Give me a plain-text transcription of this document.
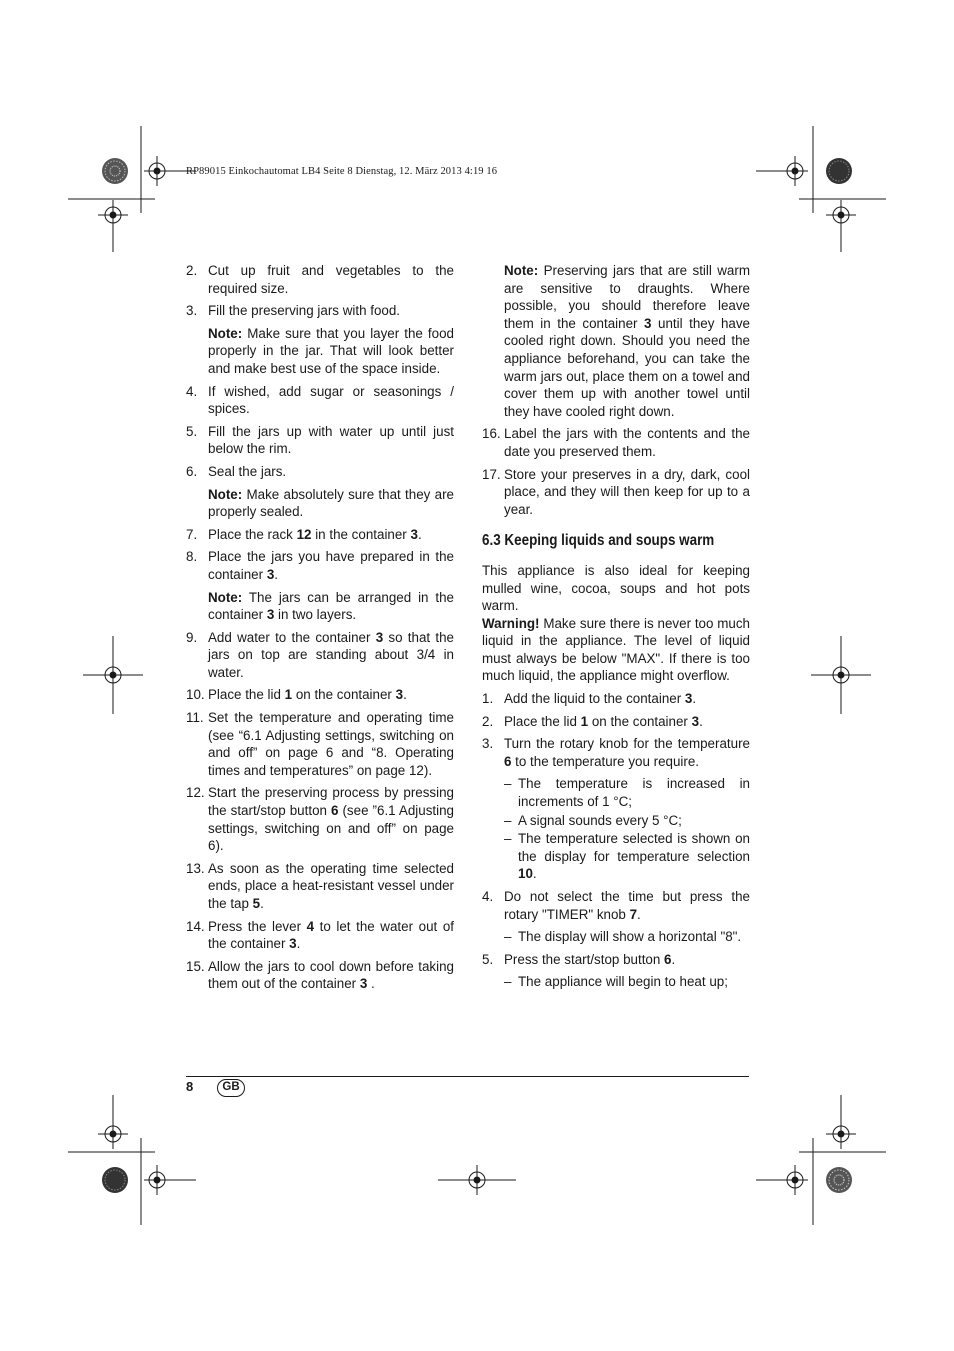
RP89015 Einkochautomat LB4 Seite 8 Dienstag, 12. März 2013 4:19 16
2. Cut up fruit and vegetables to the required size.
3. Fill the preserving jars with food.
Note: Make sure that you layer the food properly in the jar. That will look better and make best use of the space inside.
4. If wished, add sugar or seasonings / spices.
5. Fill the jars up with water up until just below the rim.
6. Seal the jars.
Note: Make absolutely sure that they are properly sealed.
7. Place the rack 12 in the container 3.
8. Place the jars you have prepared in the container 3.
Note: The jars can be arranged in the container 3 in two layers.
9. Add water to the container 3 so that the jars on top are standing about 3/4 in water.
10. Place the lid 1 on the container 3.
11. Set the temperature and operating time (see “6.1 Adjusting settings, switching on and off” on page 6 and “8. Operating times and temperatures” on page 12).
12. Start the preserving process by pressing the start/stop button 6 (see ”6.1 Adjusting settings, switching on and off” on page 6).
13. As soon as the operating time selected ends, place a heat-resistant vessel under the tap 5.
14. Press the lever 4 to let the water out of the container 3.
15. Allow the jars to cool down before taking them out of the container 3 .
Note: Preserving jars that are still warm are sensitive to draughts. Where possible, you should therefore leave them in the container 3 until they have cooled right down. Should you need the appliance beforehand, you can take the warm jars out, place them on a towel and cover them up with another towel until they have cooled right down.
16. Label the jars with the contents and the date you preserved them.
17. Store your preserves in a dry, dark, cool place, and they will then keep for up to a year.
6.3 Keeping liquids and soups warm
This appliance is also ideal for keeping mulled wine, cocoa, soups and hot pots warm.
Warning! Make sure there is never too much liquid in the appliance. The level of liquid must always be below "MAX". If there is too much liquid, the appliance might overflow.
1. Add the liquid to the container 3.
2. Place the lid 1 on the container 3.
3. Turn the rotary knob for the temperature 6 to the temperature you require.
– The temperature is increased in increments of 1 °C;
– A signal sounds every 5 °C;
– The temperature selected is shown on the display for temperature selection 10.
4. Do not select the time but press the rotary "TIMER" knob 7.
– The display will show a horizontal "8".
5. Press the start/stop button 6.
– The appliance will begin to heat up;
8	GB
